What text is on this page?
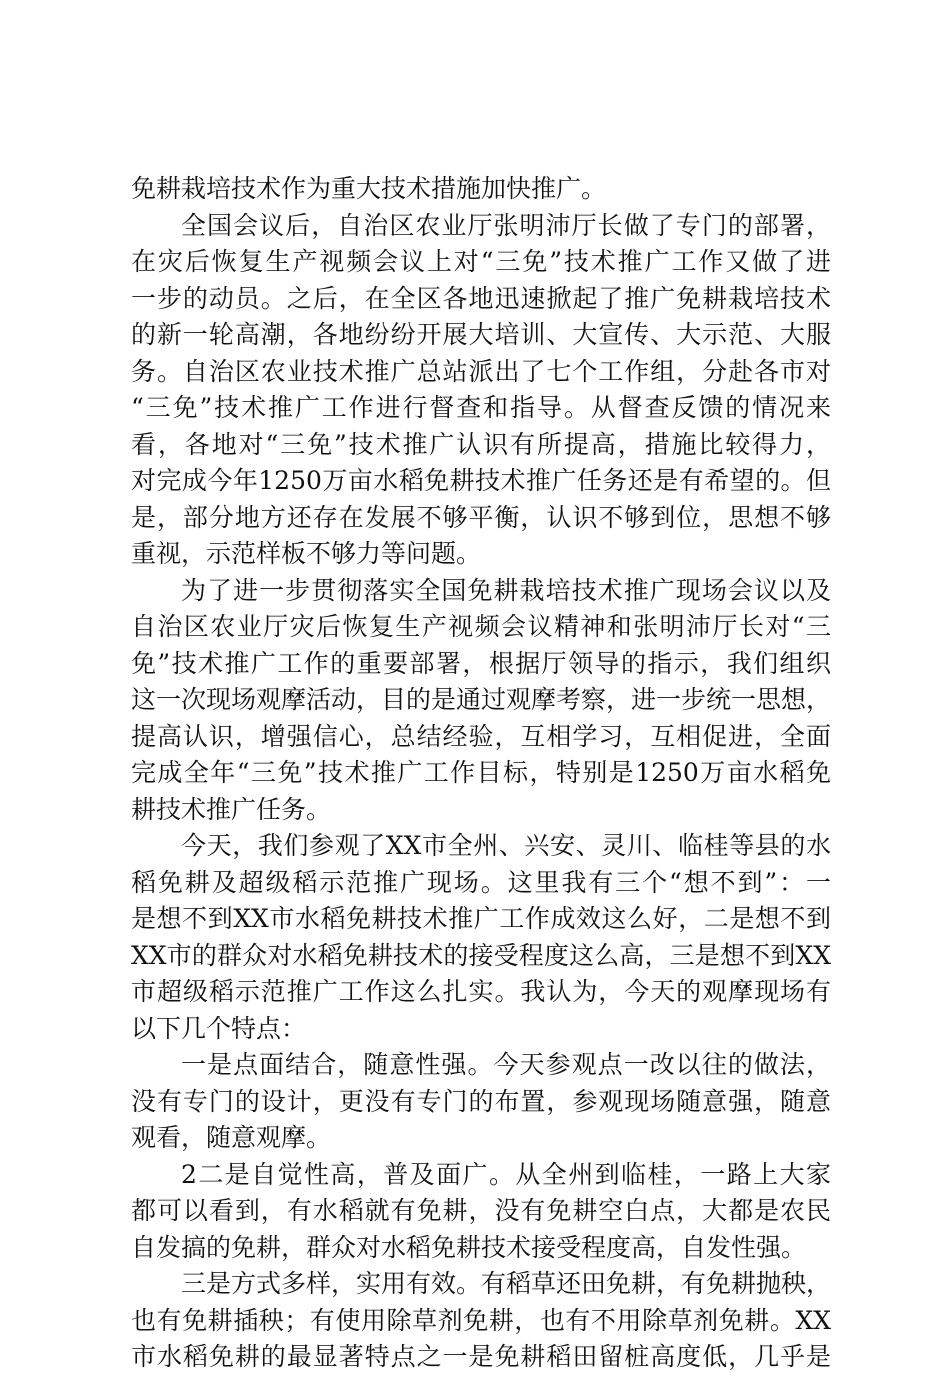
免耕栽培技术作为重大技术措施加快推广。
全国会议后，自治区农业厅张明沛厅长做了专门的部署，
在灾后恢复生产视频会议上对“三免”技术推广工作又做了进
一步的动员。之后，在全区各地迅速掀起了推广免耕栽培技术
的新一轮高潮，各地纷纷开展大培训、大宣传、大示范、大服
务。自治区农业技术推广总站派出了七个工作组，分赴各市对
“三免”技术推广工作进行督查和指导。从督查反馈的情况来
看，各地对“三免”技术推广认识有所提高，措施比较得力，
对完成今年1250万亩水稻免耕技术推广任务还是有希望的。但
是，部分地方还存在发展不够平衡，认识不够到位，思想不够
重视，示范样板不够力等问题。
为了进一步贯彻落实全国免耕栽培技术推广现场会议以及
自治区农业厅灾后恢复生产视频会议精神和张明沛厅长对“三
免”技术推广工作的重要部署，根据厅领导的指示，我们组织
这一次现场观摩活动，目的是通过观摩考察，进一步统一思想，
提高认识，增强信心，总结经验，互相学习，互相促进，全面
完成全年“三免”技术推广工作目标，特别是1250万亩水稻免
耕技术推广任务。
今天，我们参观了XX市全州、兴安、灵川、临桂等县的水
稻免耕及超级稻示范推广现场。这里我有三个“想不到”：一
是想不到XX市水稻免耕技术推广工作成效这么好，二是想不到
XX市的群众对水稻免耕技术的接受程度这么高，三是想不到XX
市超级稻示范推广工作这么扎实。我认为，今天的观摩现场有
以下几个特点：
一是点面结合，随意性强。今天参观点一改以往的做法，
没有专门的设计，更没有专门的布置，参观现场随意强，随意
观看，随意观摩。
2二是自觉性高，普及面广。从全州到临桂，一路上大家
都可以看到，有水稻就有免耕，没有免耕空白点，大都是农民
自发搞的免耕，群众对水稻免耕技术接受程度高，自发性强。
三是方式多样，实用有效。有稻草还田免耕，有免耕抛秧，
也有免耕插秧；有使用除草剂免耕，也有不用除草剂免耕。XX
市水稻免耕的最显著特点之一是免耕稻田留桩高度低，几乎是
